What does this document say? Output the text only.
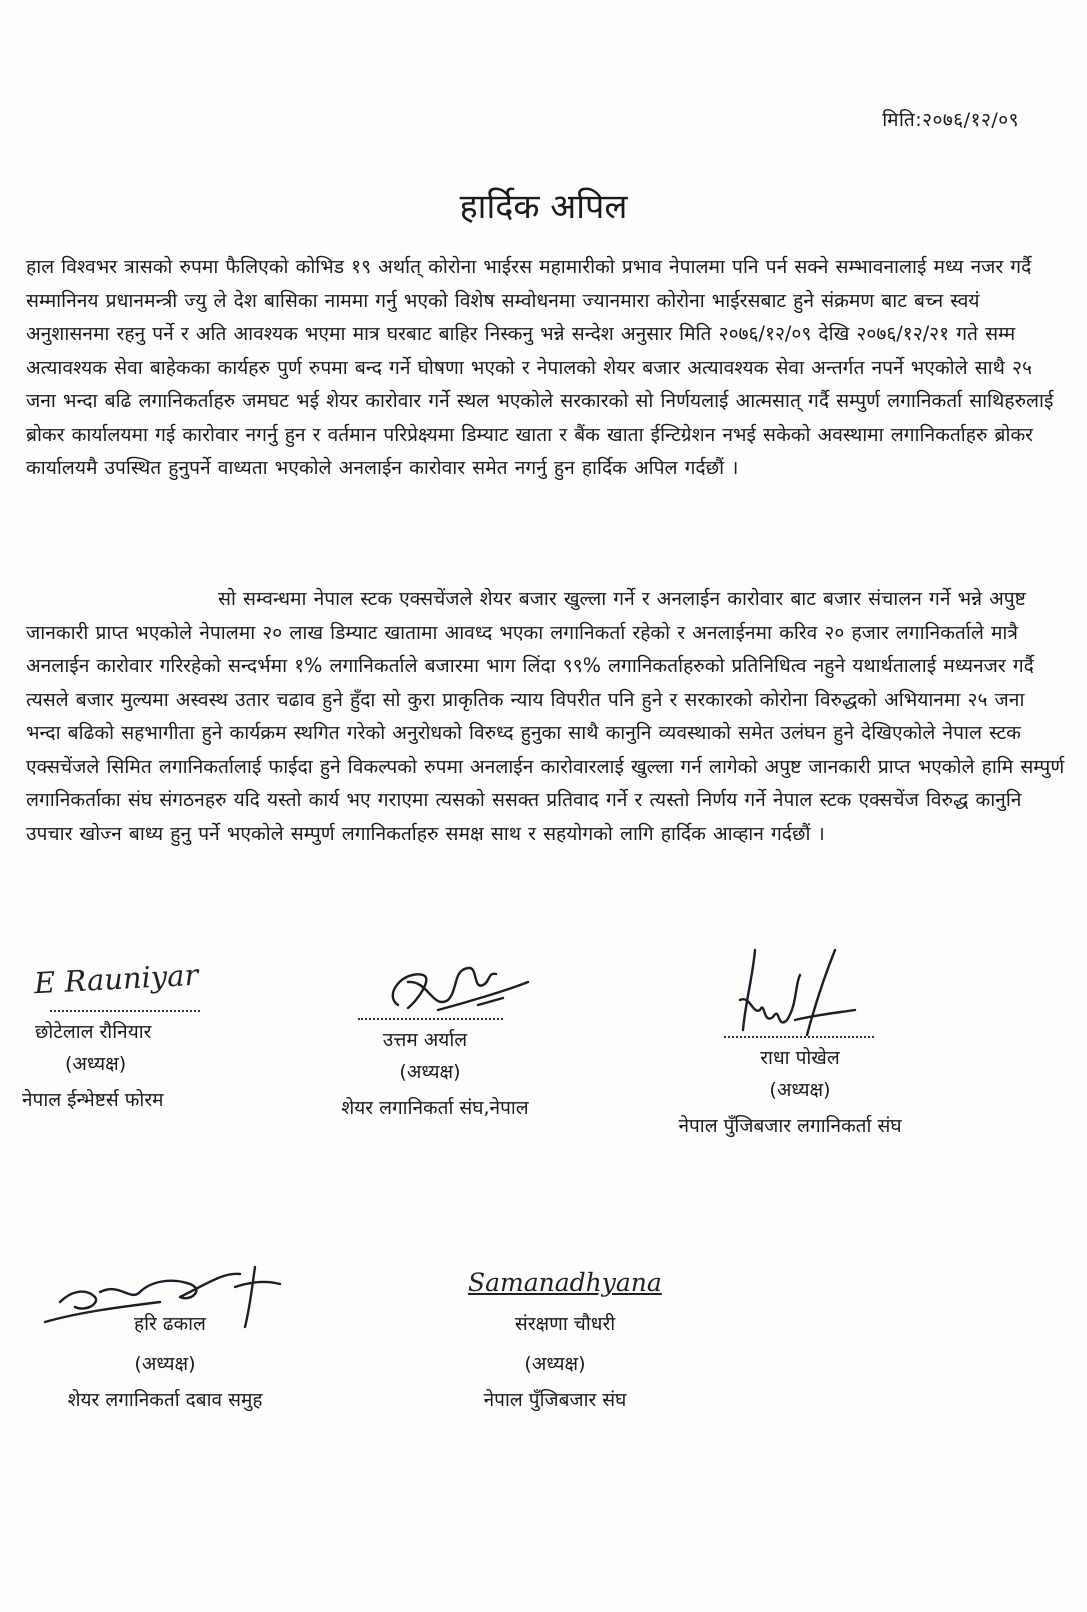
मिति:२०७६/१२/०९
हार्दिक अपिल
हाल विश्वभर त्रासको रुपमा फैलिएको कोभिड १९ अर्थात् कोरोना भाईरस महामारीको प्रभाव नेपालमा पनि पर्न सक्ने सम्भावनालाई मध्य नजर गर्दै सम्मानिनय प्रधानमन्त्री ज्यु ले देश बासिका नाममा गर्नु भएको विशेष सम्वोधनमा ज्यानमारा कोरोना भाईरसबाट हुने संक्रमण बाट बच्न स्वयं अनुशासनमा रहनु पर्ने र अति आवश्यक भएमा मात्र घरबाट बाहिर निस्कनु भन्ने सन्देश अनुसार मिति २०७६/१२/०९ देखि २०७६/१२/२१ गते सम्म अत्यावश्यक सेवा बाहेकका कार्यहरु पुर्ण रुपमा बन्द गर्ने घोषणा भएको र नेपालको शेयर बजार अत्यावश्यक सेवा अन्तर्गत नपर्ने भएकोले साथै २५ जना भन्दा बढि लगानिकर्ताहरु जमघट भई शेयर कारोवार गर्ने स्थल भएकोले सरकारको सो निर्णयलाई आत्मसात् गर्दै सम्पुर्ण लगानिकर्ता साथिहरुलाई ब्रोकर कार्यालयमा गई कारोवार नगर्नु हुन र वर्तमान परिप्रेक्ष्यमा डिम्याट खाता र बैंक खाता ईन्टिग्रेशन नभई सकेको अवस्थामा लगानिकर्ताहरु ब्रोकर कार्यालयमै उपस्थित हुनुपर्ने वाध्यता भएकोले अनलाईन कारोवार समेत नगर्नु हुन हार्दिक अपिल गर्दछौं ।
सो सम्वन्धमा नेपाल स्टक एक्सचेंजले शेयर बजार खुल्ला गर्ने र अनलाईन कारोवार बाट बजार संचालन गर्ने भन्ने अपुष्ट जानकारी प्राप्त भएकोले नेपालमा २० लाख डिम्याट खातामा आवध्द भएका लगानिकर्ता रहेको र अनलाईनमा करिव २० हजार लगानिकर्ताले मात्रै अनलाईन कारोवार गरिरहेको सन्दर्भमा १% लगानिकर्ताले बजारमा भाग लिंदा ९९% लगानिकर्ताहरुको प्रतिनिधित्व नहुने यथार्थतालाई मध्यनजर गर्दै त्यसले बजार मुल्यमा अस्वस्थ उतार चढाव हुने हुँदा सो कुरा प्राकृतिक न्याय विपरीत पनि हुने र सरकारको कोरोना विरुद्धको अभियानमा २५ जना भन्दा बढिको सहभागीता हुने कार्यक्रम स्थगित गरेको अनुरोधको विरुध्द हुनुका साथै कानुनि व्यवस्थाको समेत उलंघन हुने देखिएकोले नेपाल स्टक एक्सचेंजले सिमित लगानिकर्तालाई फाईदा हुने विकल्पको रुपमा अनलाईन कारोवारलाई खुल्ला गर्न लागेको अपुष्ट जानकारी प्राप्त भएकोले हामि सम्पुर्ण लगानिकर्ताका संघ संगठनहरु यदि यस्तो कार्य भए गराएमा त्यसको ससक्त प्रतिवाद गर्ने र त्यस्तो निर्णय गर्ने नेपाल स्टक एक्सचेंज विरुद्ध कानुनि उपचार खोज्न बाध्य हुनु पर्ने भएकोले सम्पुर्ण लगानिकर्ताहरु समक्ष साथ र सहयोगको लागि हार्दिक आव्हान गर्दछौं ।
E Rauniyar
छोटेलाल रौनियार
(अध्यक्ष)
नेपाल ईन्भेष्टर्स फोरम
उत्तम अर्याल
(अध्यक्ष)
शेयर लगानिकर्ता संघ,नेपाल
राधा पोखेल
(अध्यक्ष)
नेपाल पुँजिबजार लगानिकर्ता संघ
हरि ढकाल
(अध्यक्ष)
शेयर लगानिकर्ता दबाव समुह
Samanadhyana
संरक्षणा चौधरी
(अध्यक्ष)
नेपाल पुँजिबजार संघ
